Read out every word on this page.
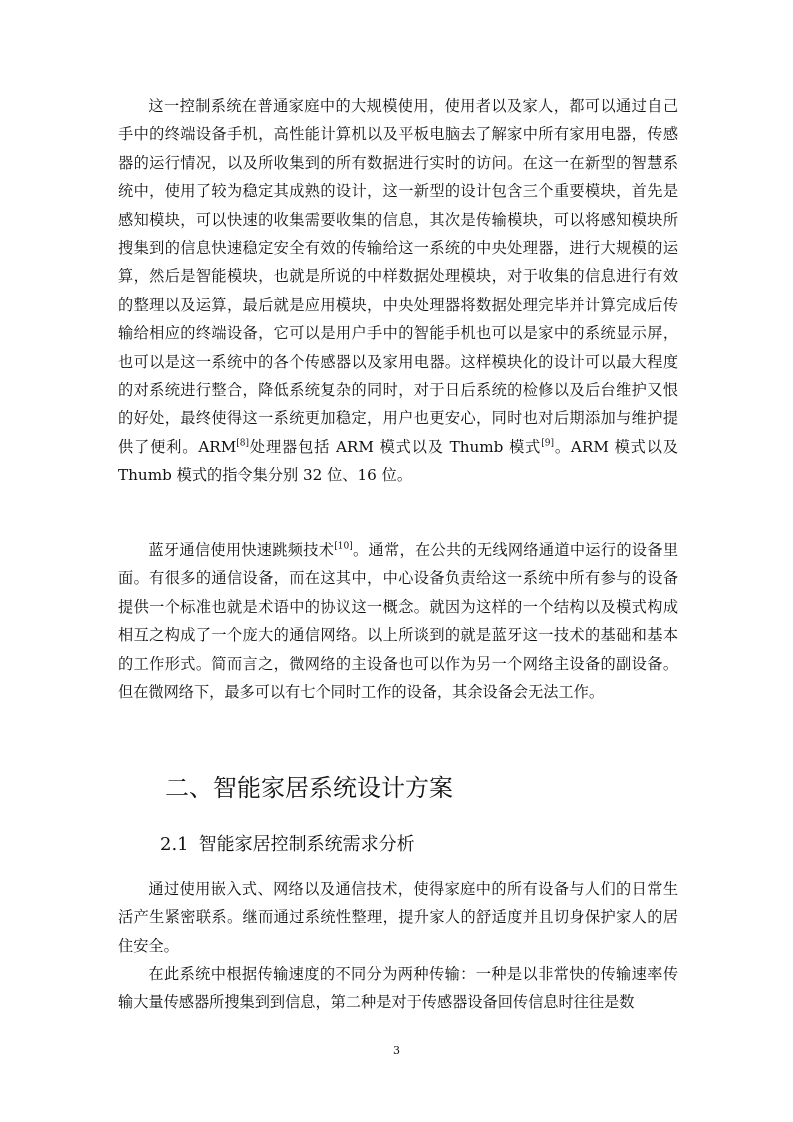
这一控制系统在普通家庭中的大规模使用，使用者以及家人，都可以通过自己手中的终端设备手机，高性能计算机以及平板电脑去了解家中所有家用电器，传感器的运行情况，以及所收集到的所有数据进行实时的访问。在这一在新型的智慧系统中，使用了较为稳定其成熟的设计，这一新型的设计包含三个重要模块，首先是感知模块，可以快速的收集需要收集的信息，其次是传输模块，可以将感知模块所搜集到的信息快速稳定安全有效的传输给这一系统的中央处理器，进行大规模的运算，然后是智能模块，也就是所说的中样数据处理模块，对于收集的信息进行有效的整理以及运算，最后就是应用模块，中央处理器将数据处理完毕并计算完成后传输给相应的终端设备，它可以是用户手中的智能手机也可以是家中的系统显示屏，也可以是这一系统中的各个传感器以及家用电器。这样模块化的设计可以最大程度的对系统进行整合，降低系统复杂的同时，对于日后系统的检修以及后台维护又恨的好处，最终使得这一系统更加稳定，用户也更安心，同时也对后期添加与维护提供了便利。ARM[8]处理器包括 ARM 模式以及 Thumb 模式[9]。ARM 模式以及 Thumb 模式的指令集分别 32 位、16 位。

蓝牙通信使用快速跳频技术[10]。通常，在公共的无线网络通道中运行的设备里面。有很多的通信设备，而在这其中，中心设备负责给这一系统中所有参与的设备提供一个标准也就是术语中的协议这一概念。就因为这样的一个结构以及模式构成相互之构成了一个庞大的通信网络。以上所谈到的就是蓝牙这一技术的基础和基本的工作形式。简而言之，微网络的主设备也可以作为另一个网络主设备的副设备。但在微网络下，最多可以有七个同时工作的设备，其余设备会无法工作。

二、智能家居系统设计方案
2.1 智能家居控制系统需求分析

通过使用嵌入式、网络以及通信技术，使得家庭中的所有设备与人们的日常生活产生紧密联系。继而通过系统性整理，提升家人的舒适度并且切身保护家人的居住安全。

在此系统中根据传输速度的不同分为两种传输：一种是以非常快的传输速率传输大量传感器所搜集到到信息，第二种是对于传感器设备回传信息时往往是数

3
